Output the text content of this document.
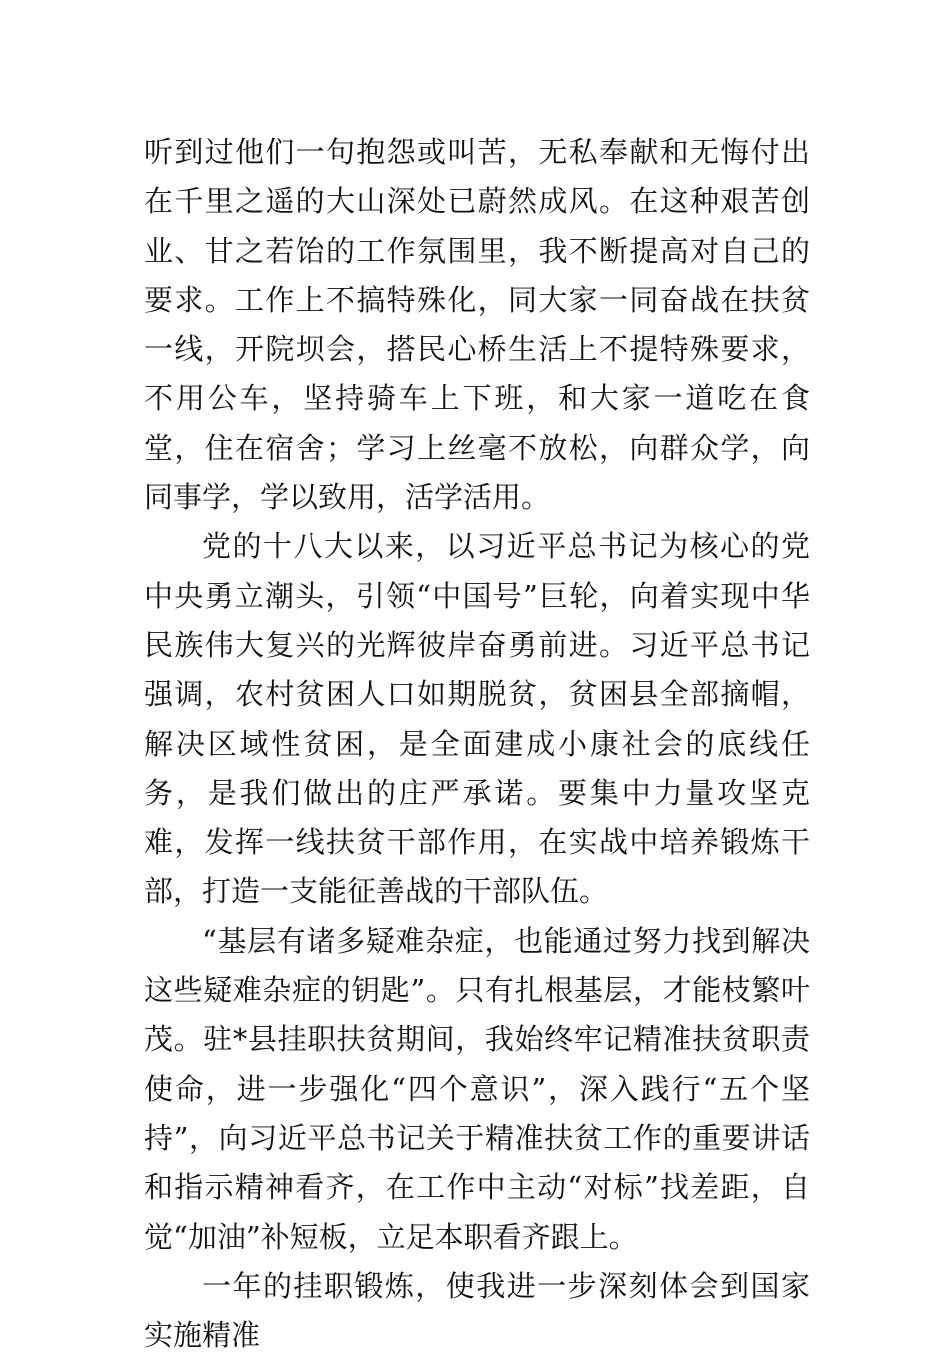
听到过他们一句抱怨或叫苦，无私奉献和无悔付出在千里之遥的大山深处已蔚然成风。在这种艰苦创业、甘之若饴的工作氛围里，我不断提高对自己的要求。工作上不搞特殊化，同大家一同奋战在扶贫一线，开院坝会，搭民心桥生活上不提特殊要求，不用公车，坚持骑车上下班，和大家一道吃在食堂，住在宿舍；学习上丝毫不放松，向群众学，向同事学，学以致用，活学活用。

党的十八大以来，以习近平总书记为核心的党中央勇立潮头，引领“中国号”巨轮，向着实现中华民族伟大复兴的光辉彼岸奋勇前进。习近平总书记强调，农村贫困人口如期脱贫，贫困县全部摘帽，解决区域性贫困，是全面建成小康社会的底线任务，是我们做出的庄严承诺。要集中力量攻坚克难，发挥一线扶贫干部作用，在实战中培养锻炼干部，打造一支能征善战的干部队伍。

“基层有诸多疑难杂症，也能通过努力找到解决这些疑难杂症的钥匙”。只有扎根基层，才能枝繁叶茂。驻*县挂职扶贫期间，我始终牢记精准扶贫职责使命，进一步强化“四个意识”，深入践行“五个坚持”，向习近平总书记关于精准扶贫工作的重要讲话和指示精神看齐，在工作中主动“对标”找差距，自觉“加油”补短板，立足本职看齐跟上。

一年的挂职锻炼，使我进一步深刻体会到国家实施精准
